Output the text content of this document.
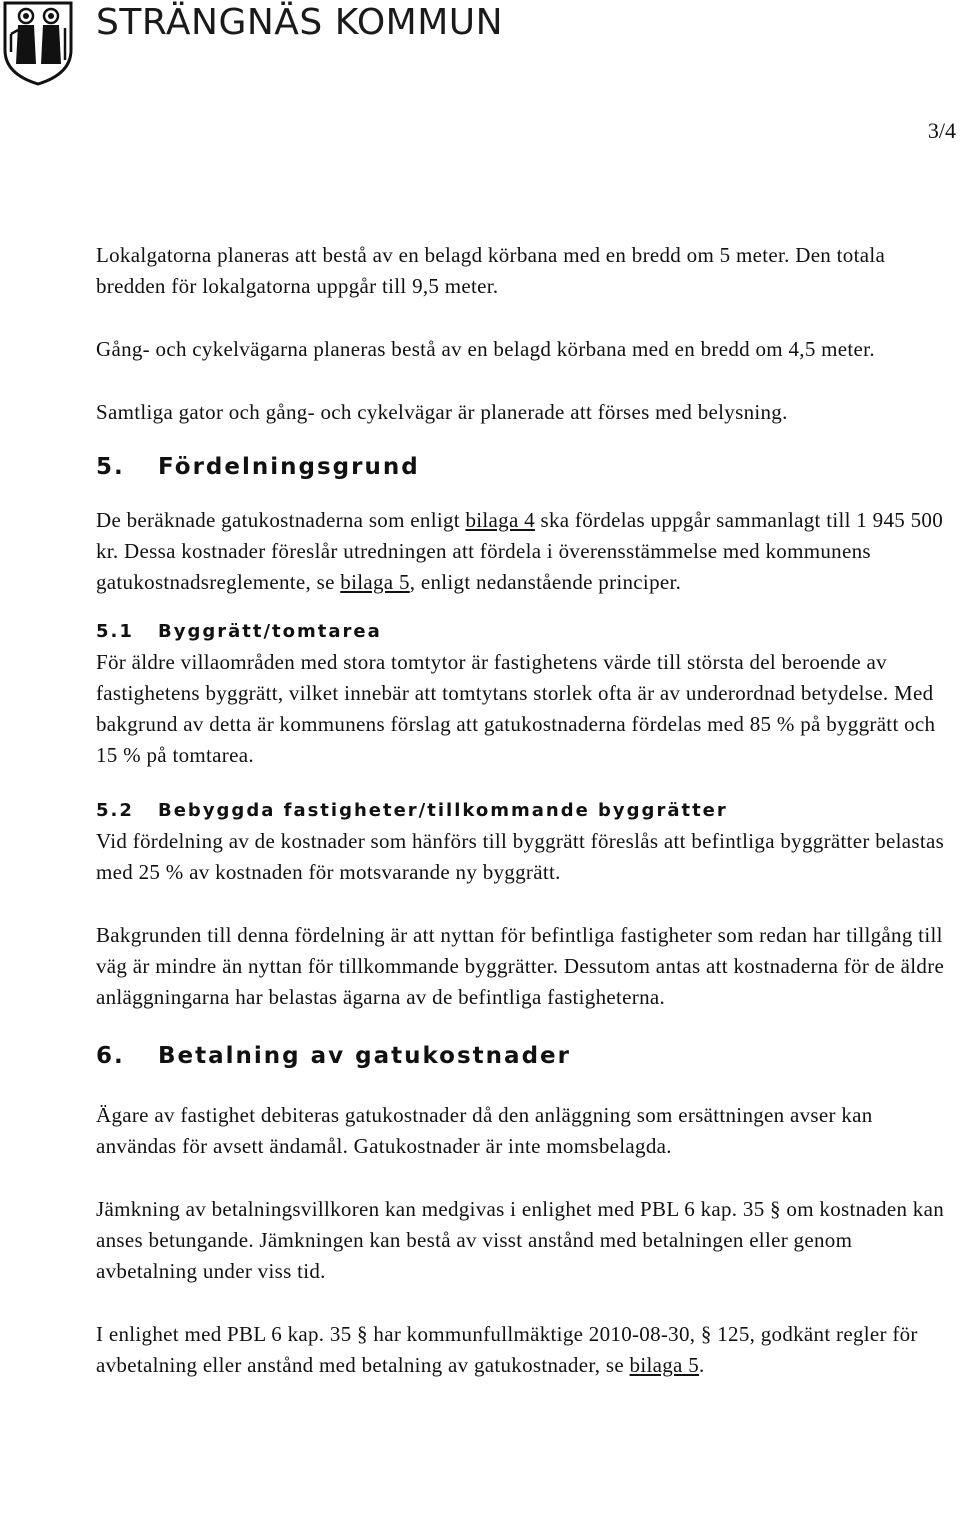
STRÄNGNÄS KOMMUN
3/4

Lokalgatorna planeras att bestå av en belagd körbana med en bredd om 5 meter. Den totala bredden för lokalgatorna uppgår till 9,5 meter.

Gång- och cykelvägarna planeras bestå av en belagd körbana med en bredd om 4,5 meter.

Samtliga gator och gång- och cykelvägar är planerade att förses med belysning.

5. Fördelningsgrund

De beräknade gatukostnaderna som enligt bilaga 4 ska fördelas uppgår sammanlagt till 1 945 500 kr. Dessa kostnader föreslår utredningen att fördela i överensstämmelse med kommunens gatukostnadsreglemente, se bilaga 5, enligt nedanstående principer.

5.1 Byggrätt/tomtarea

För äldre villaområden med stora tomtytor är fastighetens värde till största del beroende av fastighetens byggrätt, vilket innebär att tomtytans storlek ofta är av underordnad betydelse. Med bakgrund av detta är kommunens förslag att gatukostnaderna fördelas med 85 % på byggrätt och 15 % på tomtarea.

5.2 Bebyggda fastigheter/tillkommande byggrätter

Vid fördelning av de kostnader som hänförs till byggrätt föreslås att befintliga byggrätter belastas med 25 % av kostnaden för motsvarande ny byggrätt.

Bakgrunden till denna fördelning är att nyttan för befintliga fastigheter som redan har tillgång till väg är mindre än nyttan för tillkommande byggrätter. Dessutom antas att kostnaderna för de äldre anläggningarna har belastas ägarna av de befintliga fastigheterna.

6. Betalning av gatukostnader

Ägare av fastighet debiteras gatukostnader då den anläggning som ersättningen avser kan användas för avsett ändamål. Gatukostnader är inte momsbelagda.

Jämkning av betalningsvillkoren kan medgivas i enlighet med PBL 6 kap. 35 § om kostnaden kan anses betungande. Jämkningen kan bestå av visst anstånd med betalningen eller genom avbetalning under viss tid.

I enlighet med PBL 6 kap. 35 § har kommunfullmäktige 2010-08-30, § 125, godkänt regler för avbetalning eller anstånd med betalning av gatukostnader, se bilaga 5.
